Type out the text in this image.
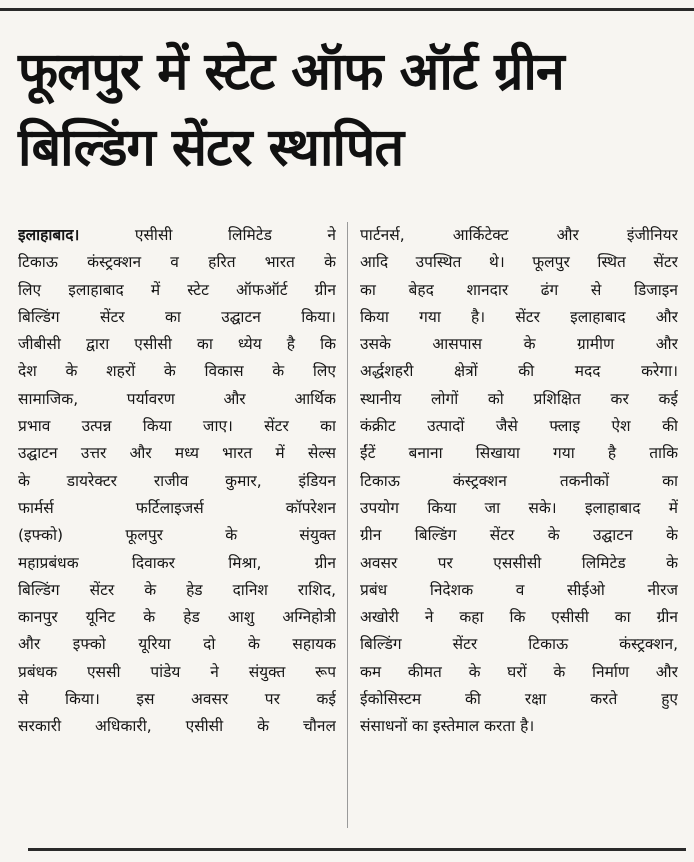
फूलपुर में स्टेट ऑफ ऑर्ट ग्रीन
बिल्डिंग सेंटर स्थापित
इलाहाबाद। एसीसी लिमिटेड ने
टिकाऊ कंस्ट्रक्शन व हरित भारत के
लिए इलाहाबाद में स्टेट ऑफऑर्ट ग्रीन
बिल्डिंग सेंटर का उद्घाटन किया।
जीबीसी द्वारा एसीसी का ध्येय है कि
देश के शहरों के विकास के लिए
सामाजिक, पर्यावरण और आर्थिक
प्रभाव उत्पन्न किया जाए। सेंटर का
उद्घाटन उत्तर और मध्य भारत में सेल्स
के डायरेक्टर राजीव कुमार, इंडियन
फार्मर्स फर्टिलाइजर्स कॉपरेशन
(इफ्को) फूलपुर के संयुक्त
महाप्रबंधक दिवाकर मिश्रा, ग्रीन
बिल्डिंग सेंटर के हेड दानिश राशिद,
कानपुर यूनिट के हेड आशु अग्निहोत्री
और इफ्को यूरिया दो के सहायक
प्रबंधक एससी पांडेय ने संयुक्त रूप
से किया। इस अवसर पर कई
सरकारी अधिकारी, एसीसी के चौनल
पार्टनर्स, आर्किटेक्ट और इंजीनियर
आदि उपस्थित थे। फूलपुर स्थित सेंटर
का बेहद शानदार ढंग से डिजाइन
किया गया है। सेंटर इलाहाबाद और
उसके आसपास के ग्रामीण और
अर्द्धशहरी क्षेत्रों की मदद करेगा।
स्थानीय लोगों को प्रशिक्षित कर कई
कंक्रीट उत्पादों जैसे फ्लाइ ऐश की
ईंटें बनाना सिखाया गया है ताकि
टिकाऊ कंस्ट्रक्शन तकनीकों का
उपयोग किया जा सके। इलाहाबाद में
ग्रीन बिल्डिंग सेंटर के उद्घाटन के
अवसर पर एससीसी लिमिटेड के
प्रबंध निदेशक व सीईओ नीरज
अखोरी ने कहा कि एसीसी का ग्रीन
बिल्डिंग सेंटर टिकाऊ कंस्ट्रक्शन,
कम कीमत के घरों के निर्माण और
ईकोसिस्टम की रक्षा करते हुए
संसाधनों का इस्तेमाल करता है।
